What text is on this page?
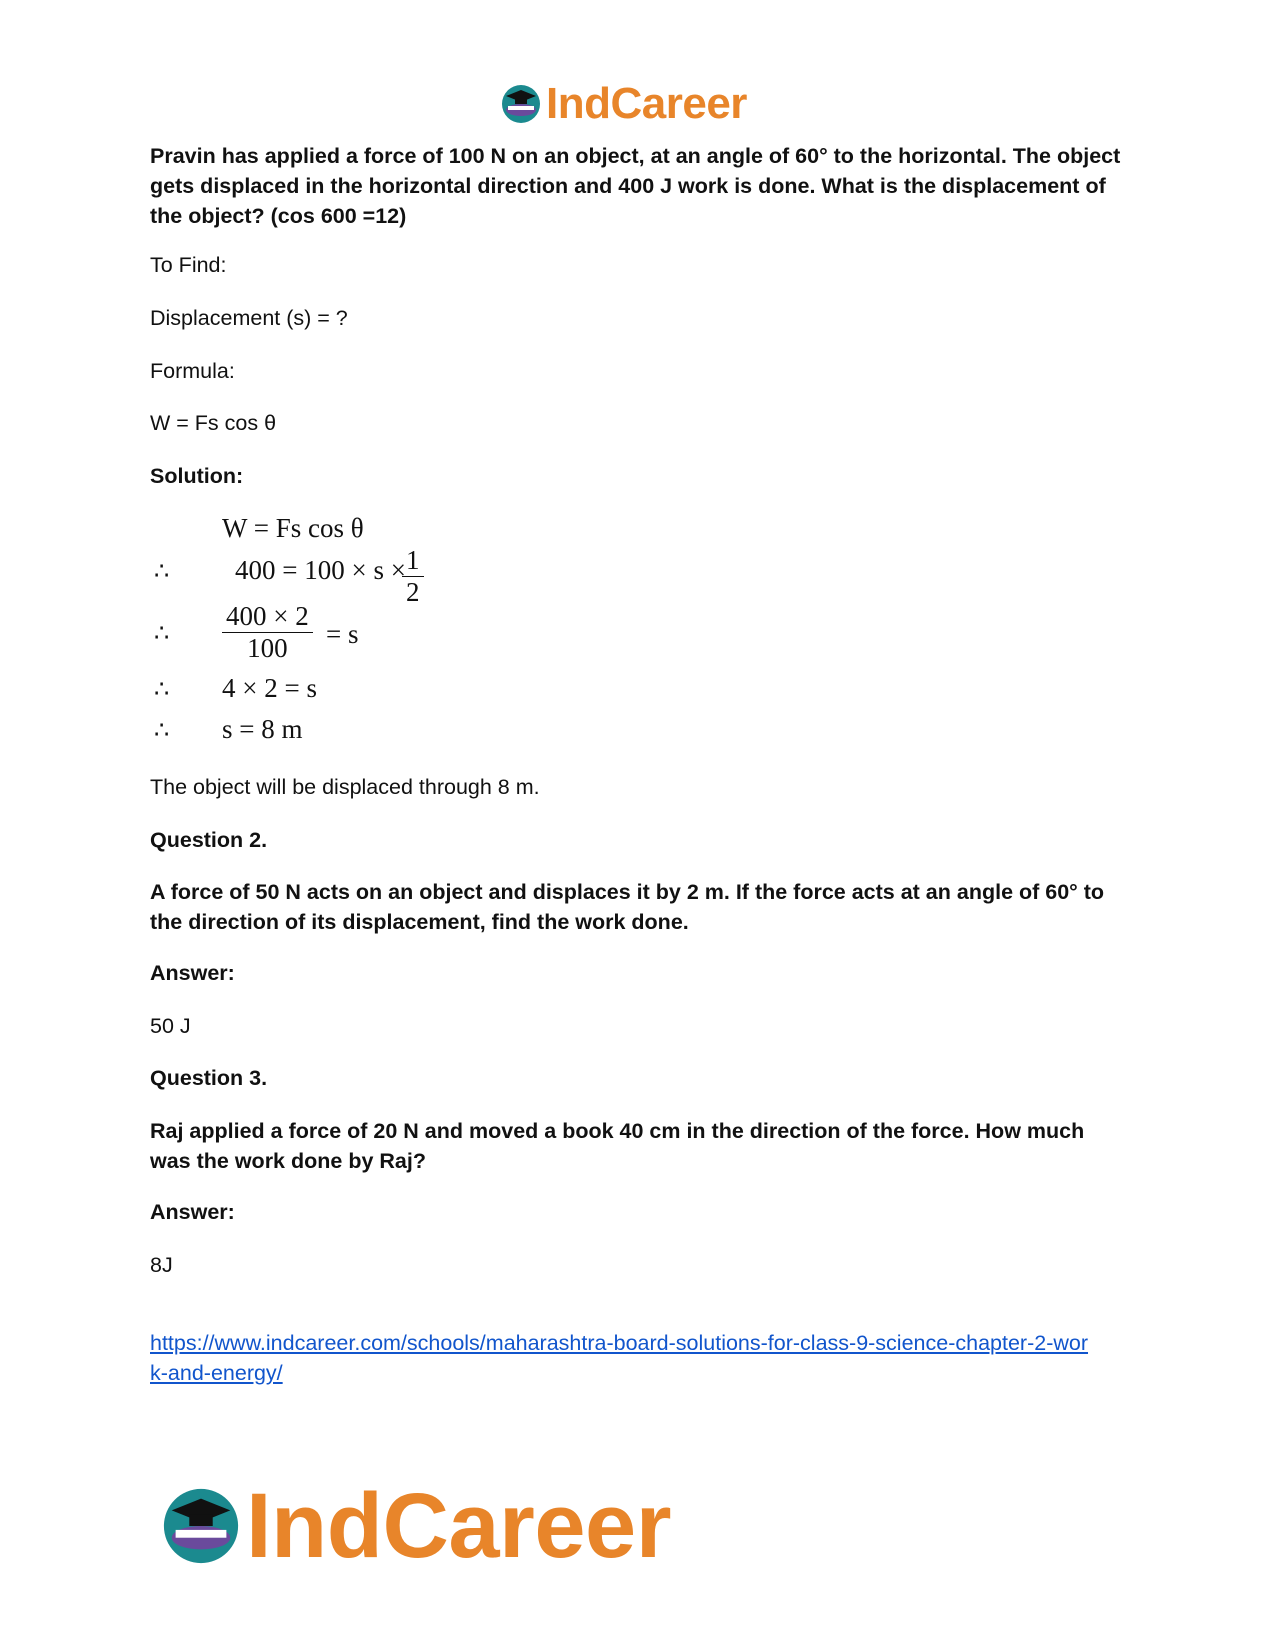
IndCareer
Pravin has applied a force of 100 N on an object, at an angle of 60° to the horizontal. The object gets displaced in the horizontal direction and 400 J work is done. What is the displacement of the object? (cos 600 =12)
To Find:
Displacement (s) = ?
Formula:
W = Fs cos θ
Solution:
W = Fs cos θ
∴ 400 = 100 × s ×
$\frac{1}{2}$
∴ $\frac{400 \times 2}{100} = s$
∴ 4 × 2 = s
∴ s = 8 m
The object will be displaced through 8 m.
Question 2.
A force of 50 N acts on an object and displaces it by 2 m. If the force acts at an angle of 60° to the direction of its displacement, find the work done.
Answer:
50 J
Question 3.
Raj applied a force of 20 N and moved a book 40 cm in the direction of the force. How much was the work done by Raj?
Answer:
8J
https://www.indcareer.com/schools/maharashtra-board-solutions-for-class-9-science-chapter-2-work-and-energy/
IndCareer
